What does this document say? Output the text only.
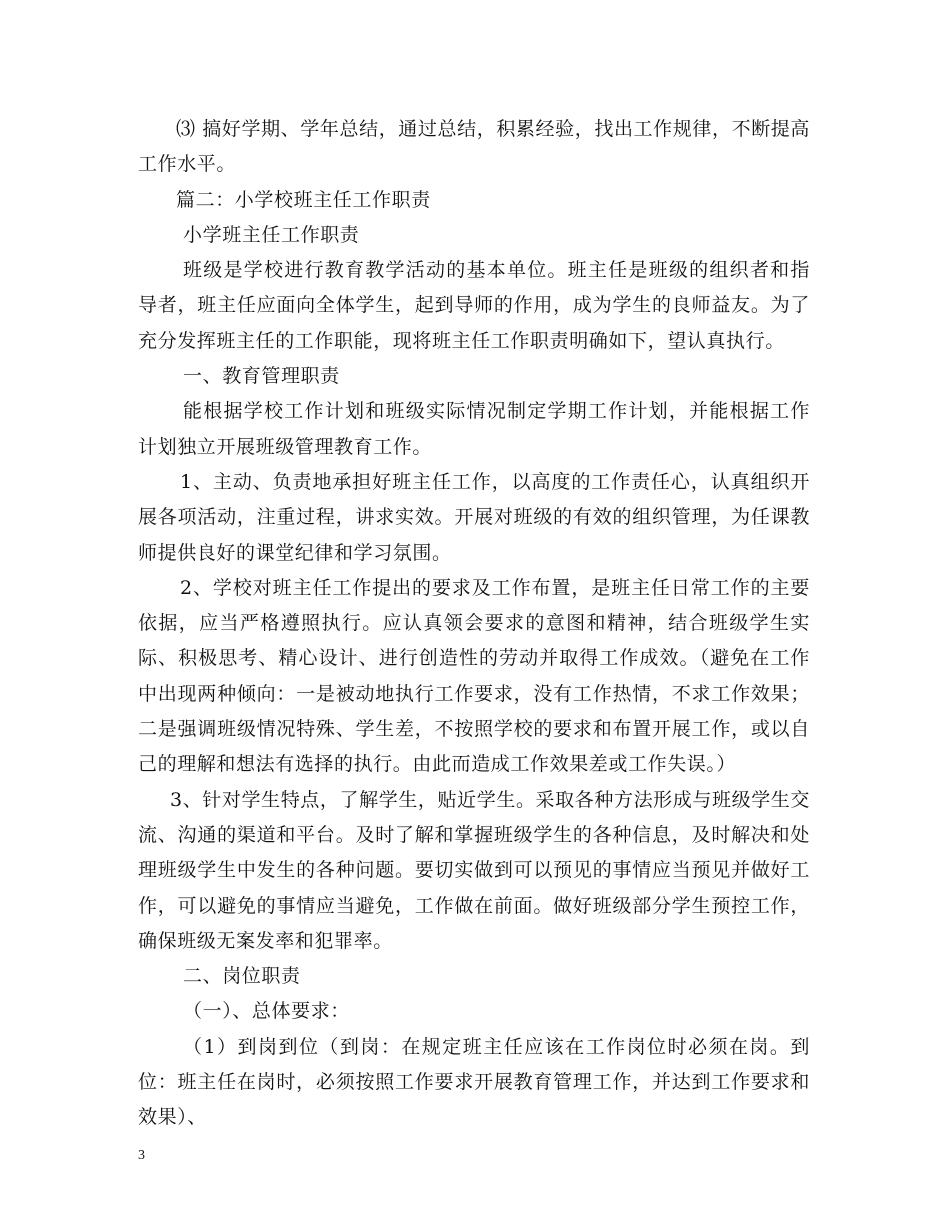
⑶ 搞好学期、学年总结，通过总结，积累经验，找出工作规律，不断提高工作水平。

篇二：小学校班主任工作职责

小学班主任工作职责

班级是学校进行教育教学活动的基本单位。班主任是班级的组织者和指导者，班主任应面向全体学生，起到导师的作用，成为学生的良师益友。为了充分发挥班主任的工作职能，现将班主任工作职责明确如下，望认真执行。

一、教育管理职责

能根据学校工作计划和班级实际情况制定学期工作计划，并能根据工作计划独立开展班级管理教育工作。

1、主动、负责地承担好班主任工作，以高度的工作责任心，认真组织开展各项活动，注重过程，讲求实效。开展对班级的有效的组织管理，为任课教师提供良好的课堂纪律和学习氛围。

2、学校对班主任工作提出的要求及工作布置，是班主任日常工作的主要依据，应当严格遵照执行。应认真领会要求的意图和精神，结合班级学生实际、积极思考、精心设计、进行创造性的劳动并取得工作成效。（避免在工作中出现两种倾向：一是被动地执行工作要求，没有工作热情，不求工作效果；二是强调班级情况特殊、学生差，不按照学校的要求和布置开展工作，或以自己的理解和想法有选择的执行。由此而造成工作效果差或工作失误。）

3、针对学生特点，了解学生，贴近学生。采取各种方法形成与班级学生交流、沟通的渠道和平台。及时了解和掌握班级学生的各种信息，及时解决和处理班级学生中发生的各种问题。要切实做到可以预见的事情应当预见并做好工作，可以避免的事情应当避免，工作做在前面。做好班级部分学生预控工作，确保班级无案发率和犯罪率。

二、岗位职责

（一）、总体要求：

（1）到岗到位（到岗：在规定班主任应该在工作岗位时必须在岗。到位：班主任在岗时，必须按照工作要求开展教育管理工作，并达到工作要求和效果）、

3
